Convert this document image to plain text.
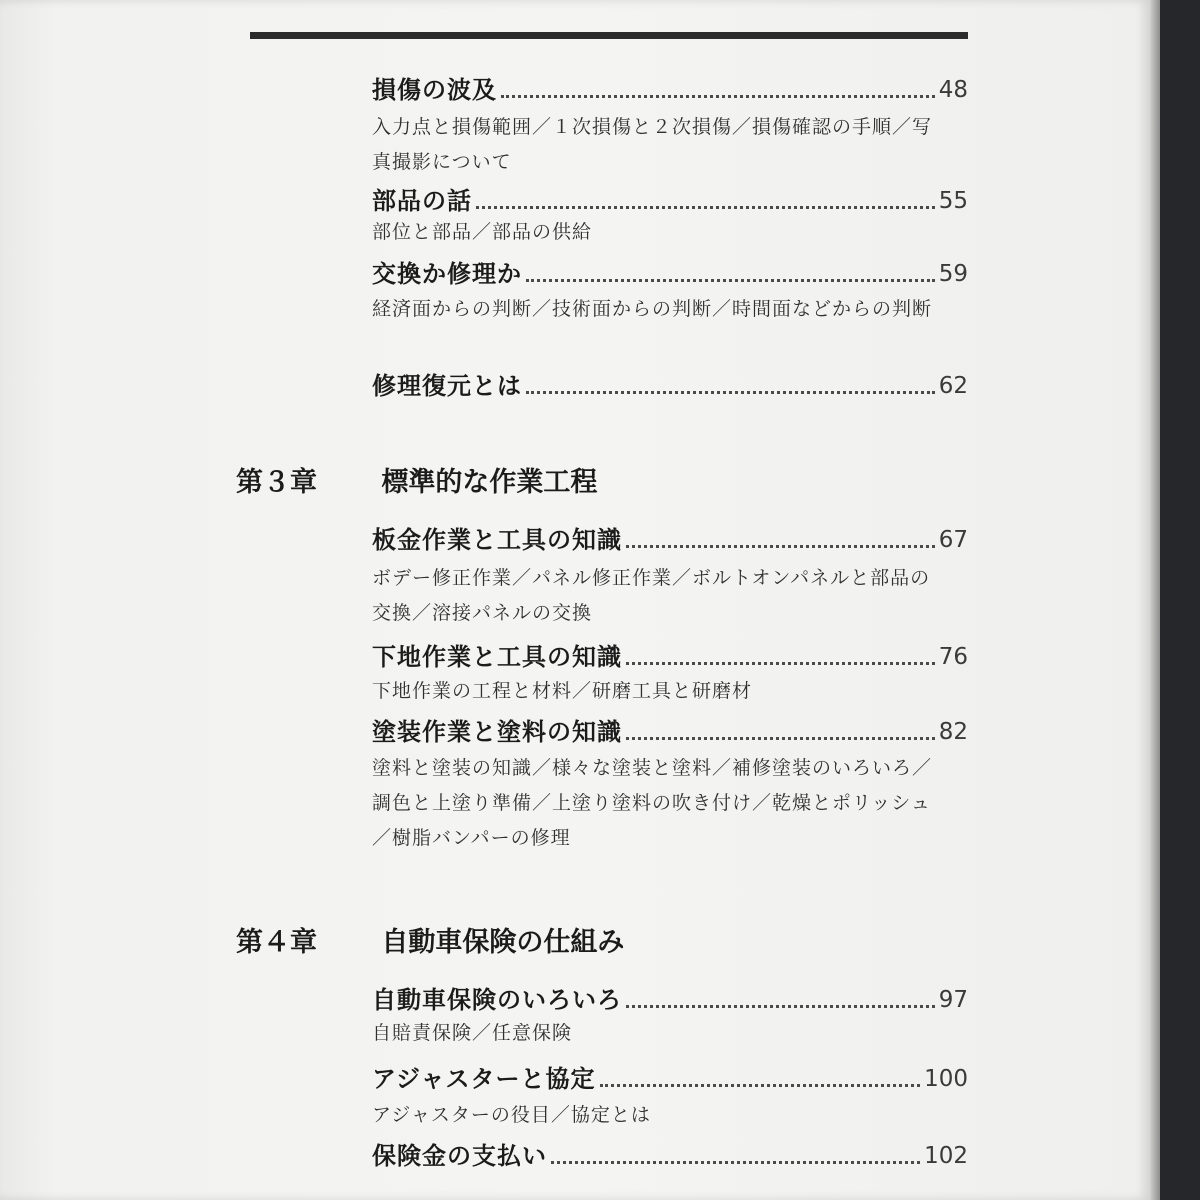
損傷の波及	48
入力点と損傷範囲／１次損傷と２次損傷／損傷確認の手順／写真撮影について
部品の話	55
部位と部品／部品の供給
交換か修理か	59
経済面からの判断／技術面からの判断／時間面などからの判断
修理復元とは	62
第３章 標準的な作業工程
板金作業と工具の知識	67
ボデー修正作業／パネル修正作業／ボルトオンパネルと部品の交換／溶接パネルの交換
下地作業と工具の知識	76
下地作業の工程と材料／研磨工具と研磨材
塗装作業と塗料の知識	82
塗料と塗装の知識／様々な塗装と塗料／補修塗装のいろいろ／調色と上塗り準備／上塗り塗料の吹き付け／乾燥とポリッシュ／樹脂バンパーの修理
第４章 自動車保険の仕組み
自動車保険のいろいろ	97
自賠責保険／任意保険
アジャスターと協定	100
アジャスターの役目／協定とは
保険金の支払い	102
